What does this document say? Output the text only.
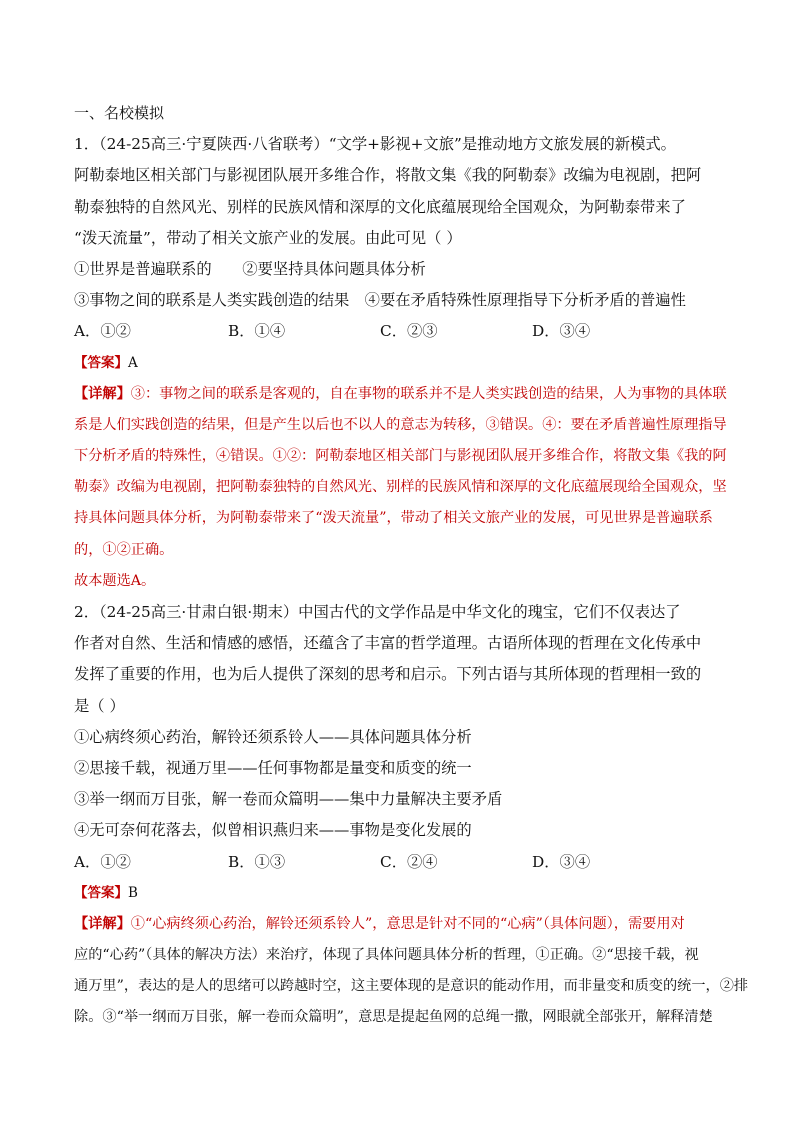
一、名校模拟
1．（24-25高三·宁夏陕西·八省联考）“文学+影视+文旅”是推动地方文旅发展的新模式。
阿勒泰地区相关部门与影视团队展开多维合作，将散文集《我的阿勒泰》改编为电视剧，把阿
勒泰独特的自然风光、别样的民族风情和深厚的文化底蕴展现给全国观众，为阿勒泰带来了
“泼天流量”，带动了相关文旅产业的发展。由此可见（ ）
①世界是普遍联系的　　②要坚持具体问题具体分析
③事物之间的联系是人类实践创造的结果　④要在矛盾特殊性原理指导下分析矛盾的普遍性
A．①②	B．①④	C．②③	D．③④
【答案】A
【详解】③：事物之间的联系是客观的，自在事物的联系并不是人类实践创造的结果，人为事物的具体联
系是人们实践创造的结果，但是产生以后也不以人的意志为转移，③错误。④：要在矛盾普遍性原理指导
下分析矛盾的特殊性，④错误。①②：阿勒泰地区相关部门与影视团队展开多维合作，将散文集《我的阿
勒泰》改编为电视剧，把阿勒泰独特的自然风光、别样的民族风情和深厚的文化底蕴展现给全国观众，坚
持具体问题具体分析，为阿勒泰带来了“泼天流量”，带动了相关文旅产业的发展，可见世界是普遍联系
的，①②正确。
故本题选A。
2．（24-25高三·甘肃白银·期末）中国古代的文学作品是中华文化的瑰宝，它们不仅表达了
作者对自然、生活和情感的感悟，还蕴含了丰富的哲学道理。古语所体现的哲理在文化传承中
发挥了重要的作用，也为后人提供了深刻的思考和启示。下列古语与其所体现的哲理相一致的
是（ ）
①心病终须心药治，解铃还须系铃人——具体问题具体分析
②思接千载，视通万里——任何事物都是量变和质变的统一
③举一纲而万目张，解一卷而众篇明——集中力量解决主要矛盾
④无可奈何花落去，似曾相识燕归来——事物是变化发展的
A．①②	B．①③	C．②④	D．③④
【答案】B
【详解】①“心病终须心药治，解铃还须系铃人”，意思是针对不同的“心病”（具体问题），需要用对
应的“心药”（具体的解决方法）来治疗，体现了具体问题具体分析的哲理，①正确。②“思接千载，视
通万里”，表达的是人的思绪可以跨越时空，这主要体现的是意识的能动作用，而非量变和质变的统一，②排
除。③“举一纲而万目张，解一卷而众篇明”，意思是提起鱼网的总绳一撒，网眼就全部张开，解释清楚
